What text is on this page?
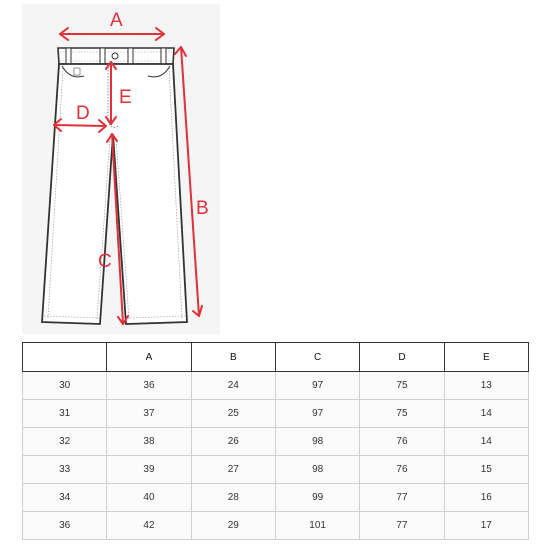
A
B
C
D
E
	A	B	C	D	E
30	36	24	97	75	13
31	37	25	97	75	14
32	38	26	98	76	14
33	39	27	98	76	15
34	40	28	99	77	16
36	42	29	101	77	17
